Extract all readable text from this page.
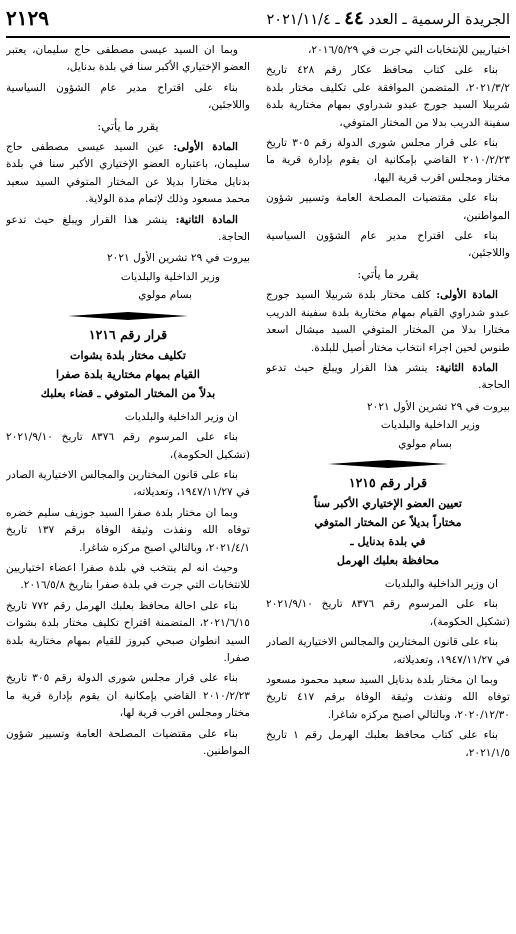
الجريدة الرسمية ـ العدد ٤٤ ـ ٢٠٢١/١١/٤
٢١٢٩

اختياريين للإنتخابات التي جرت في ٢٠١٦/٥/٢٩،

بناء على كتاب محافظ عكار رقم ٤٢٨ تاريخ ٢٠٢١/٣/٢، المتضمن الموافقة على تكليف مختار بلدة شربيلا السيد جورج عبدو شدراوي بمهام مختارية بلدة سفينة الدريب بدلا من المختار المتوفي،

بناء على قرار مجلس شورى الدولة رقم ٣٠٥ تاريخ ٢٠١٠/٢/٢٣ القاضي بإمكانية ان يقوم بإدارة قرية ما مختار ومجلس اقرب قرية اليها،

بناء على مقتضيات المصلحة العامة وتسيير شؤون المواطنين،

بناء على اقتراح مدير عام الشؤون السياسية واللاجئين،

يقرر ما يأتي:

المادة الأولى: كلف مختار بلدة شربيلا السيد جورج عبدو شدراوي القيام بمهام مختارية بلدة سفينة الدريب مختارا بدلا من المختار المتوفي السيد ميشال اسعد طنوس لحين اجراء انتخاب مختار أصيل للبلدة.

المادة الثانية: ينشر هذا القرار ويبلغ حيث تدعو الحاجة.

بيروت في ٢٩ تشرين الأول ٢٠٢١

وزير الداخلية والبلديات

بسام مولوي

قرار رقم ١٢١٥

تعيين العضو الإختياري الأكبر سناً

مختاراً بديلاً عن المختار المتوفي

في بلدة بدنايل ـ

محافظة بعلبك الهرمل

ان وزير الداخلية والبلديات

بناء على المرسوم رقم ٨٣٧٦ تاريخ ٢٠٢١/٩/١٠ (تشكيل الحكومة)،

بناء على قانون المختارين والمجالس الاختيارية الصادر في ١٩٤٧/١١/٢٧، وتعديلاته،

وبما ان مختار بلدة بدنايل السيد سعيد محمود مسعود توفاه الله ونفذت وثيقة الوفاة برقم ٤١٧ تاريخ ٢٠٢٠/١٢/٣٠، وبالتالي اصبح مركزه شاغرا.

بناء على كتاب محافظ بعلبك الهرمل رقم ١ تاريخ ٢٠٢١/١/٥،

وبما ان السيد عيسى مصطفى حاج سليمان، يعتبر العضو الإختياري الأكبر سنا في بلدة بدنايل،

بناء على اقتراح مدير عام الشؤون السياسية واللاجئين،

يقرر ما يأتي:

المادة الأولى: عين السيد عيسى مصطفى حاج سليمان، باعتباره العضو الإختياري الأكبر سنا في بلدة بدنايل مختارا بديلا عن المختار المتوفي السيد سعيد محمد مسعود وذلك لإتمام مدة الولاية.

المادة الثانية: ينشر هذا القرار ويبلغ حيث تدعو الحاجة.

بيروت في ٢٩ تشرين الأول ٢٠٢١

وزير الداخلية والبلديات

بسام مولوي

قرار رقم ١٢١٦

تكليف مختار بلدة بشوات

القيام بمهام مختارية بلدة صفرا

بدلاً من المختار المتوفي ـ قضاء بعلبك

ان وزير الداخلية والبلديات

بناء على المرسوم رقم ٨٣٧٦ تاريخ ٢٠٢١/٩/١٠ (تشكيل الحكومة)،

بناء على قانون المختارين والمجالس الاختيارية الصادر في ١٩٤٧/١١/٢٧، وتعديلاته،

وبما ان مختار بلدة صفرا السيد جوزيف سليم خضره توفاه الله ونفذت وثيقة الوفاة برقم ١٣٧ تاريخ ٢٠٢١/٤/١، وبالتالي اصبح مركزه شاغرا.

وحيث انه لم ينتخب في بلدة صفرا اعضاء اختياريين للانتخابات التي جرت في بلدة صفرا بتاريخ ٢٠١٦/٥/٨.

بناء على احالة محافظ بعلبك الهرمل رقم ٧٧٢ تاريخ ٢٠٢١/٦/١٥، المتضمنة اقتراح تكليف مختار بلدة بشوات السيد انطوان صبحي كيروز للقيام بمهام مختارية بلدة صفرا.

بناء على قرار مجلس شورى الدولة رقم ٣٠٥ تاريخ ٢٠١٠/٢/٢٣ القاضي بإمكانية ان يقوم بإدارة قرية ما مختار ومجلس اقرب قرية لها،

بناء على مقتضيات المصلحة العامة وتسيير شؤون المواطنين.
